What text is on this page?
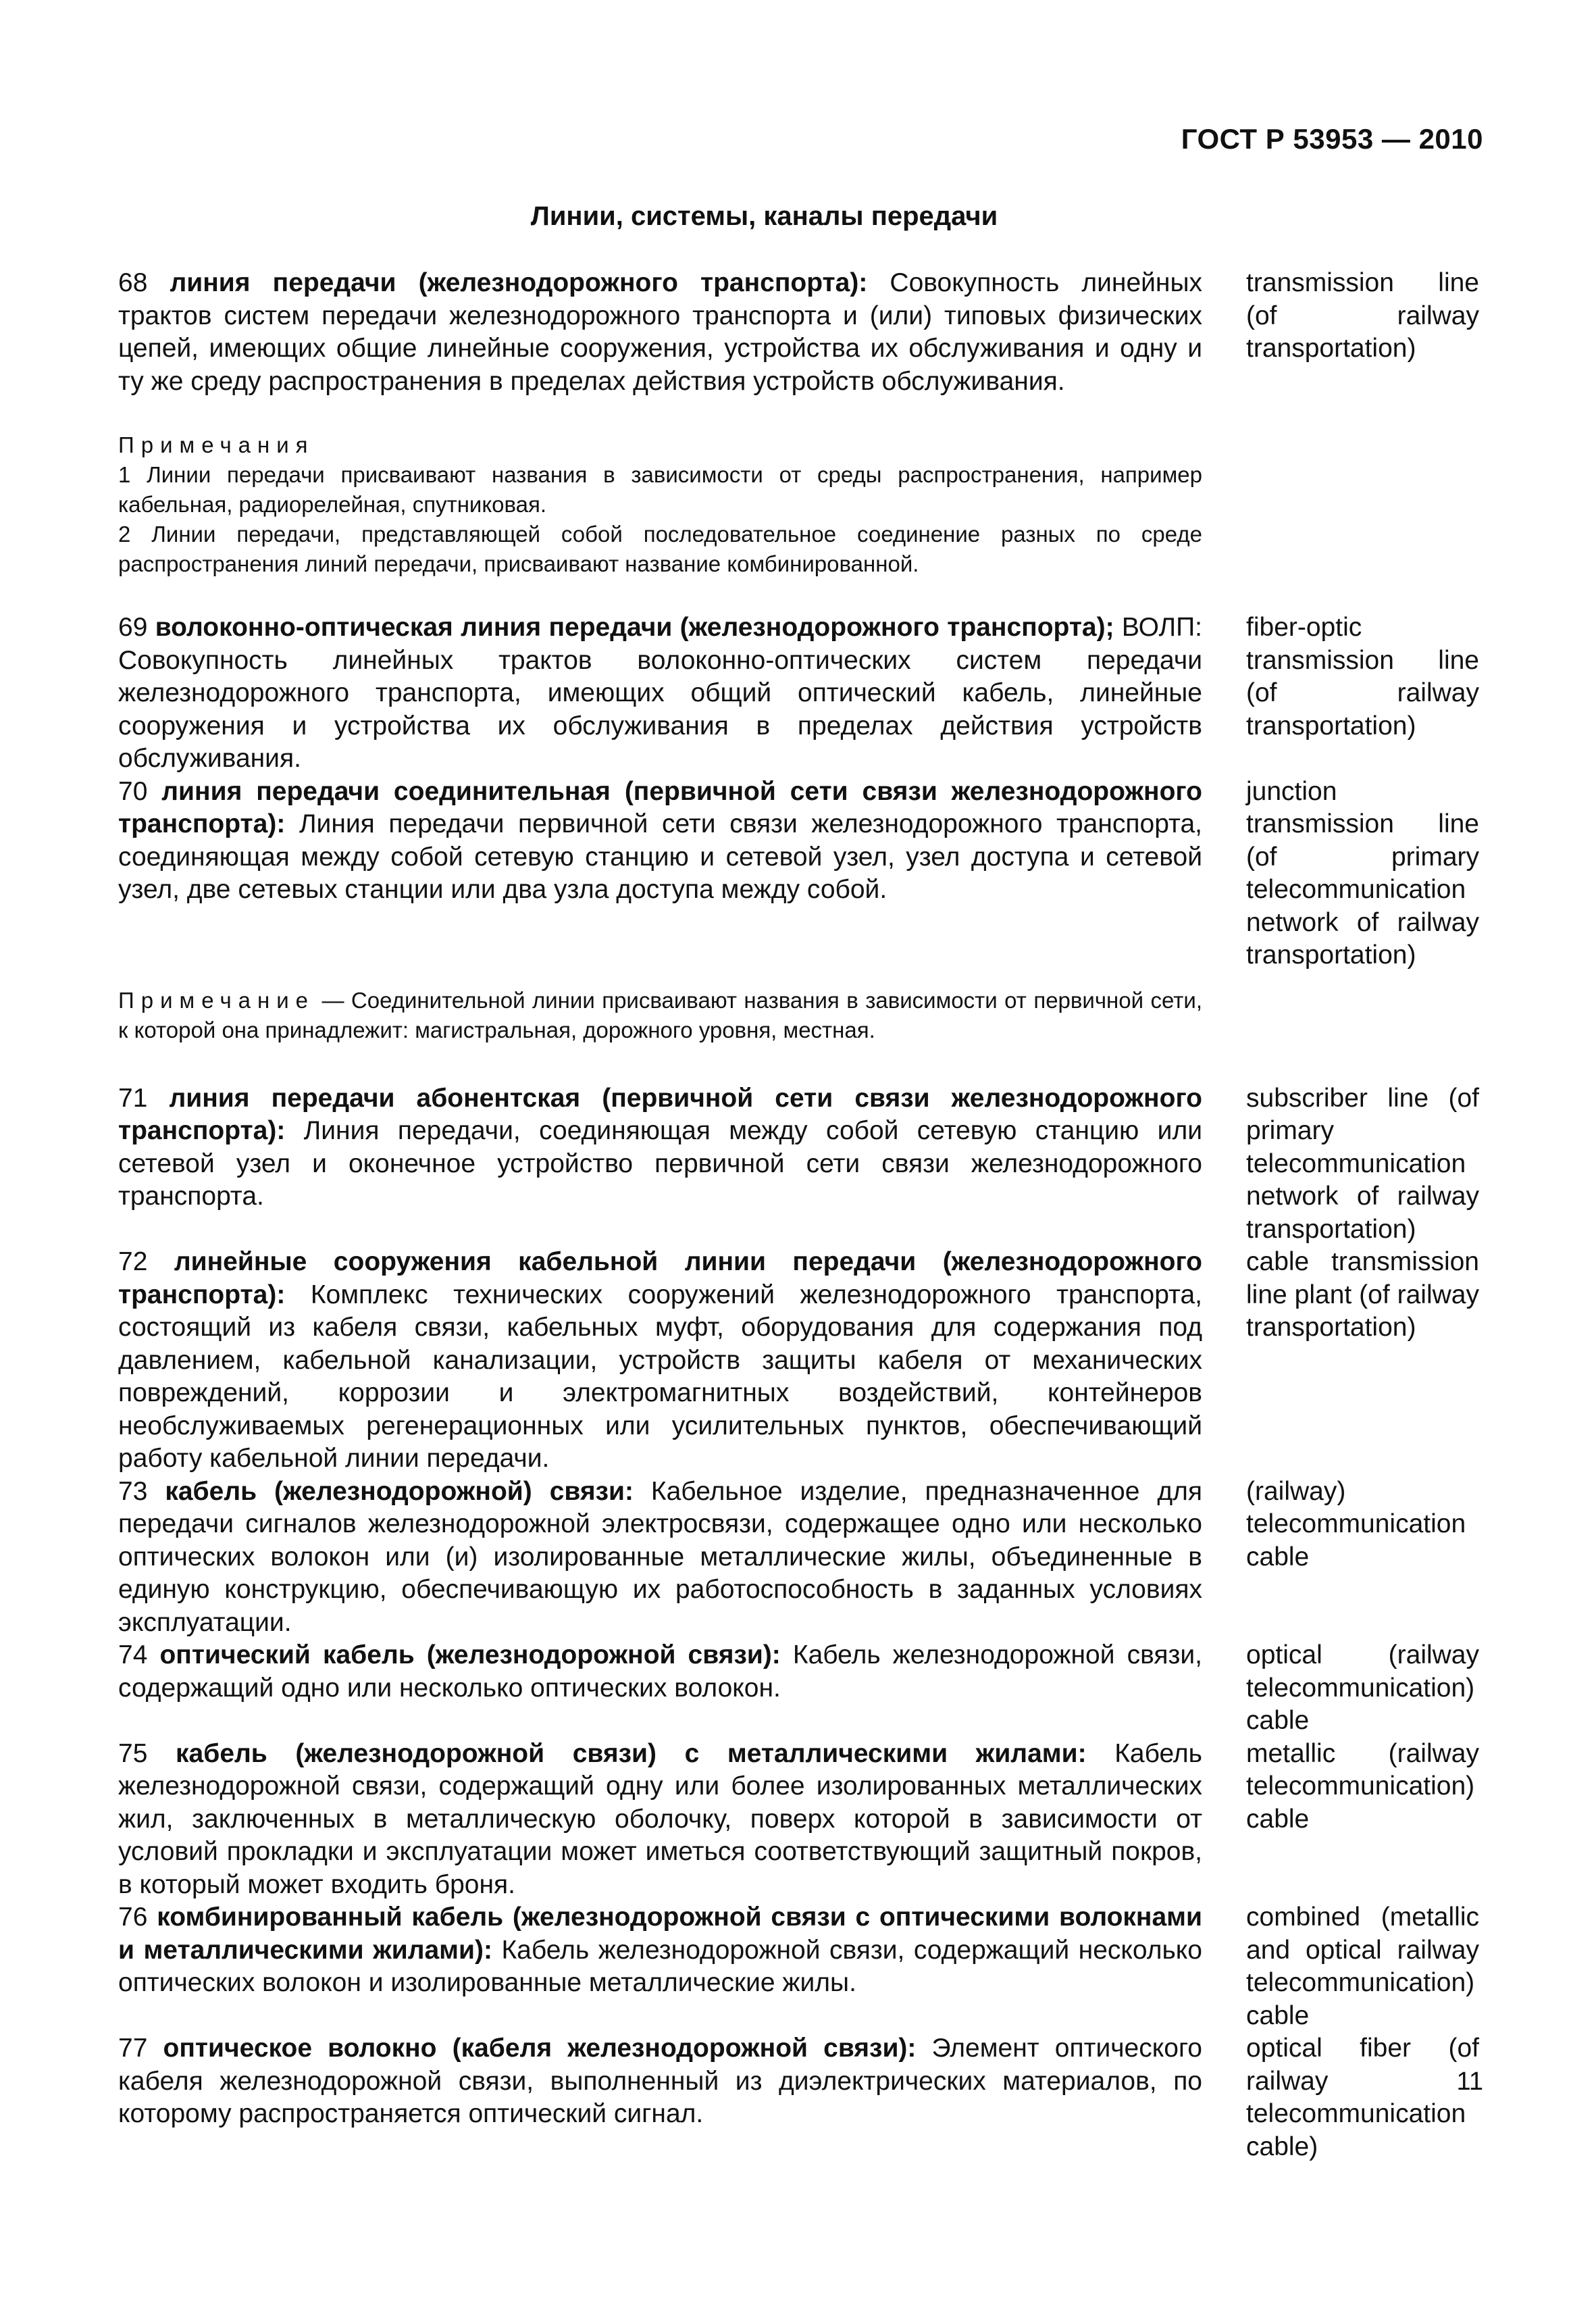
ГОСТ Р 53953 — 2010
Линии, системы, каналы передачи
68 линия передачи (железнодорожного транспорта): Совокупность линейных трактов систем передачи железнодорожного транспорта и (или) типовых физических цепей, имеющих общие линейные сооружения, устройства их обслуживания и одну и ту же среду распространения в пределах действия устройств обслуживания.
transmission line (of railway transportation)
Примечания
1 Линии передачи присваивают названия в зависимости от среды распространения, например кабельная, радиорелейная, спутниковая.
2 Линии передачи, представляющей собой последовательное соединение разных по среде распространения линий передачи, присваивают название комбинированной.
69 волоконно-оптическая линия передачи (железнодорожного транспорта); ВОЛП: Совокупность линейных трактов волоконно-оптических систем передачи железнодорожного транспорта, имеющих общий оптический кабель, линейные сооружения и устройства их обслуживания в пределах действия устройств обслуживания.
fiber-optic transmission line (of railway transportation)
70 линия передачи соединительная (первичной сети связи железнодорожного транспорта): Линия передачи первичной сети связи железнодорожного транспорта, соединяющая между собой сетевую станцию и сетевой узел, узел доступа и сетевой узел, две сетевых станции или два узла доступа между собой.
junction transmission line (of primary telecommunication network of railway transportation)
Примечание — Соединительной линии присваивают названия в зависимости от первичной сети, к которой она принадлежит: магистральная, дорожного уровня, местная.
71 линия передачи абонентская (первичной сети связи железнодорожного транспорта): Линия передачи, соединяющая между собой сетевую станцию или сетевой узел и оконечное устройство первичной сети связи железнодорожного транспорта.
subscriber line (of primary telecommunication network of railway transportation)
72 линейные сооружения кабельной линии передачи (железнодорожного транспорта): Комплекс технических сооружений железнодорожного транспорта, состоящий из кабеля связи, кабельных муфт, оборудования для содержания под давлением, кабельной канализации, устройств защиты кабеля от механических повреждений, коррозии и электромагнитных воздействий, контейнеров необслуживаемых регенерационных или усилительных пунктов, обеспечивающий работу кабельной линии передачи.
cable transmission line plant (of railway transportation)
73 кабель (железнодорожной) связи: Кабельное изделие, предназначенное для передачи сигналов железнодорожной электросвязи, содержащее одно или несколько оптических волокон или (и) изолированные металлические жилы, объединенные в единую конструкцию, обеспечивающую их работоспособность в заданных условиях эксплуатации.
(railway) telecommunication cable
74 оптический кабель (железнодорожной связи): Кабель железнодорожной связи, содержащий одно или несколько оптических волокон.
optical (railway telecommunication) cable
75 кабель (железнодорожной связи) с металлическими жилами: Кабель железнодорожной связи, содержащий одну или более изолированных металлических жил, заключенных в металлическую оболочку, поверх которой в зависимости от условий прокладки и эксплуатации может иметься соответствующий защитный покров, в который может входить броня.
metallic (railway telecommunication) cable
76 комбинированный кабель (железнодорожной связи с оптическими волокнами и металлическими жилами): Кабель железнодорожной связи, содержащий несколько оптических волокон и изолированные металлические жилы.
combined (metallic and optical railway telecommunication) cable
77 оптическое волокно (кабеля железнодорожной связи): Элемент оптического кабеля железнодорожной связи, выполненный из диэлектрических материалов, по которому распространяется оптический сигнал.
optical fiber (of railway telecommunication cable)
11
